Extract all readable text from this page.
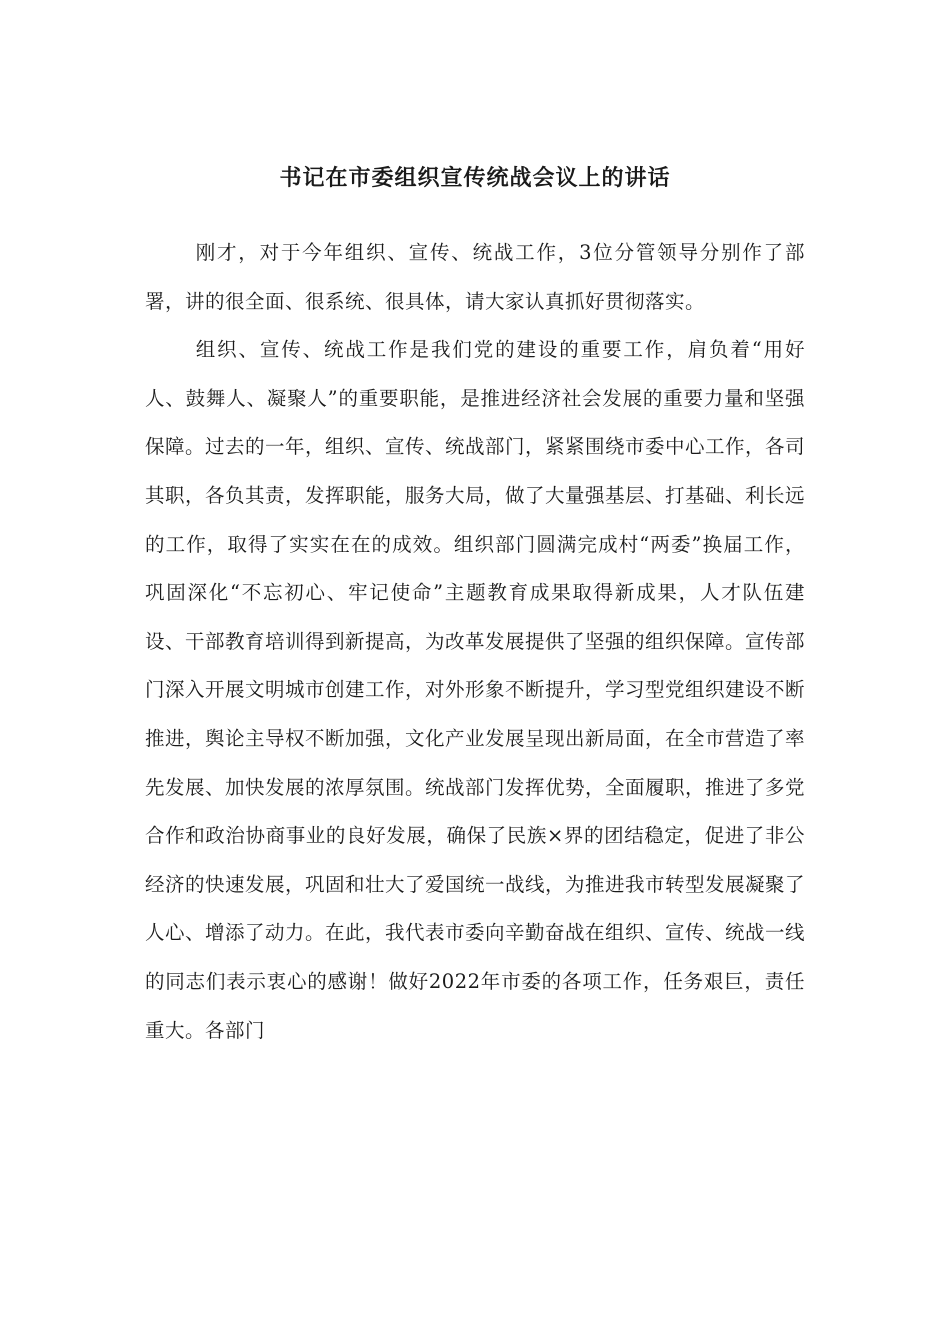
书记在市委组织宣传统战会议上的讲话

刚才，对于今年组织、宣传、统战工作，3位分管领导分别作了部署，讲的很全面、很系统、很具体，请大家认真抓好贯彻落实。

组织、宣传、统战工作是我们党的建设的重要工作，肩负着“用好人、鼓舞人、凝聚人”的重要职能，是推进经济社会发展的重要力量和坚强保障。过去的一年，组织、宣传、统战部门，紧紧围绕市委中心工作，各司其职，各负其责，发挥职能，服务大局，做了大量强基层、打基础、利长远的工作，取得了实实在在的成效。组织部门圆满完成村“两委”换届工作，巩固深化“不忘初心、牢记使命”主题教育成果取得新成果，人才队伍建设、干部教育培训得到新提高，为改革发展提供了坚强的组织保障。宣传部门深入开展文明城市创建工作，对外形象不断提升，学习型党组织建设不断推进，舆论主导权不断加强，文化产业发展呈现出新局面，在全市营造了率先发展、加快发展的浓厚氛围。统战部门发挥优势，全面履职，推进了多党合作和政治协商事业的良好发展，确保了民族×界的团结稳定，促进了非公经济的快速发展，巩固和壮大了爱国统一战线，为推进我市转型发展凝聚了人心、增添了动力。在此，我代表市委向辛勤奋战在组织、宣传、统战一线的同志们表示衷心的感谢！做好2022年市委的各项工作，任务艰巨，责任重大。各部门
